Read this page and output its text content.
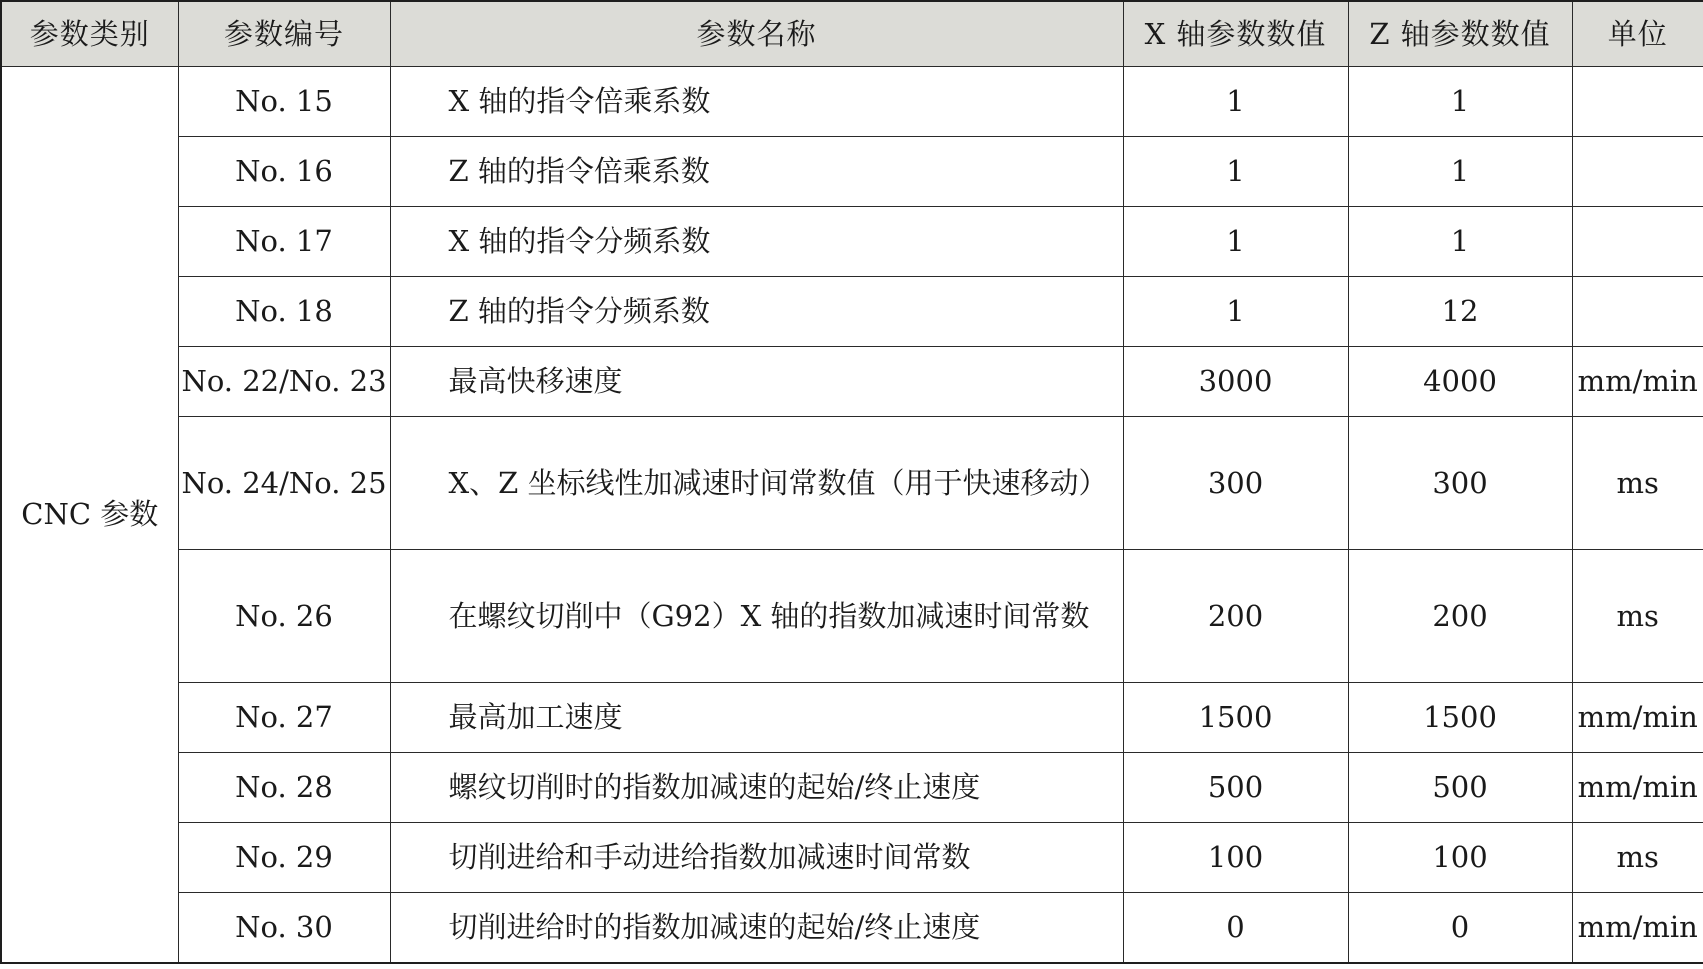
参数类别	参数编号	参数名称	X 轴参数数值	Z 轴参数数值	单位
CNC 参数	No. 15	X 轴的指令倍乘系数	1	1	
	No. 16	Z 轴的指令倍乘系数	1	1	
	No. 17	X 轴的指令分频系数	1	1	
	No. 18	Z 轴的指令分频系数	1	12	
	No. 22/No. 23	最高快移速度	3000	4000	mm/min
	No. 24/No. 25	X、Z 坐标线性加减速时间常数值（用于快速移动）	300	300	ms
	No. 26	在螺纹切削中（G92）X 轴的指数加减速时间常数	200	200	ms
	No. 27	最高加工速度	1500	1500	mm/min
	No. 28	螺纹切削时的指数加减速的起始/终止速度	500	500	mm/min
	No. 29	切削进给和手动进给指数加减速时间常数	100	100	ms
	No. 30	切削进给时的指数加减速的起始/终止速度	0	0	mm/min
